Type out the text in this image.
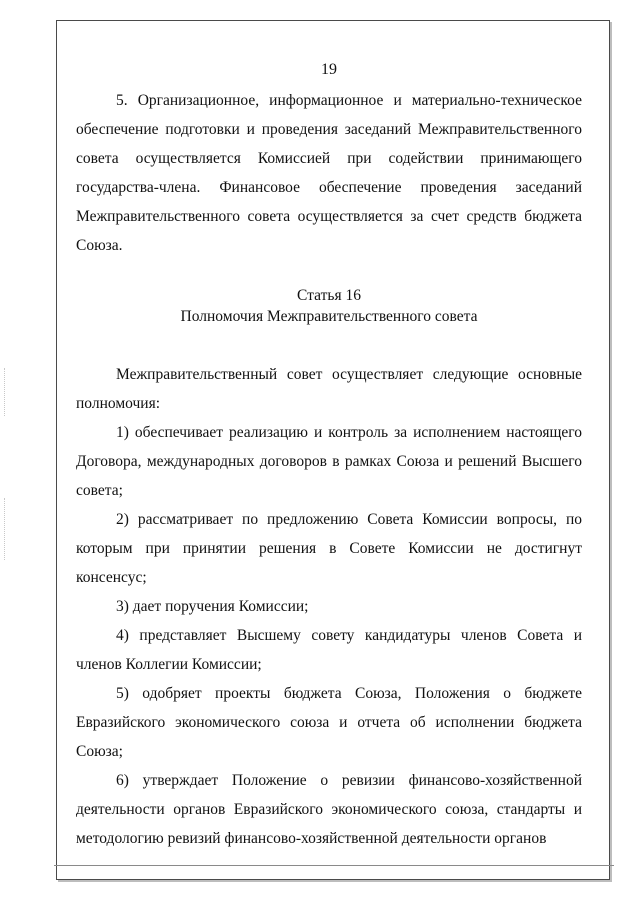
19

5. Организационное, информационное и материально-техническое обеспечение подготовки и проведения заседаний Межправительственного совета осуществляется Комиссией при содействии принимающего государства-члена. Финансовое обеспечение проведения заседаний Межправительственного совета осуществляется за счет средств бюджета Союза.

Статья 16
Полномочия Межправительственного совета

Межправительственный совет осуществляет следующие основные полномочия:

1) обеспечивает реализацию и контроль за исполнением настоящего Договора, международных договоров в рамках Союза и решений Высшего совета;

2) рассматривает по предложению Совета Комиссии вопросы, по которым при принятии решения в Совете Комиссии не достигнут консенсус;

3) дает поручения Комиссии;

4) представляет Высшему совету кандидатуры членов Совета и членов Коллегии Комиссии;

5) одобряет проекты бюджета Союза, Положения о бюджете Евразийского экономического союза и отчета об исполнении бюджета Союза;

6) утверждает Положение о ревизии финансово-хозяйственной деятельности органов Евразийского экономического союза, стандарты и методологию ревизий финансово-хозяйственной деятельности органов
